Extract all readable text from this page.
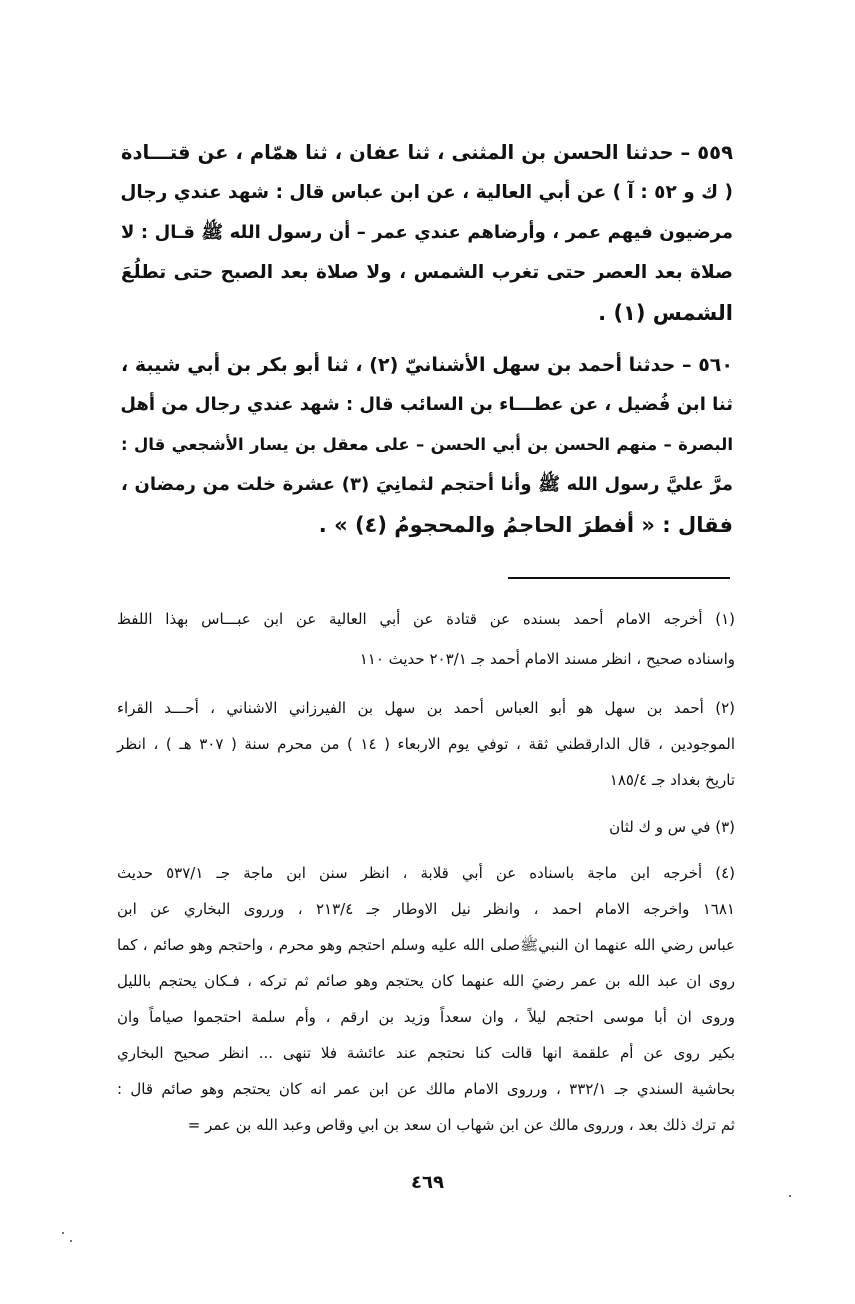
٥٥٩ – حدثنا الحسن بن المثنى ، ثنا عفان ، ثنا همّام ، عن قتـــادة
( ك و ٥٢ : آ ) عن أبي العالية ، عن ابن عباس قال : شهد عندي رجال
مرضيون فيهم عمر ، وأرضاهم عندي عمر – أن رسول الله ﷺ قـال : لا
صلاة بعد العصر حتى تغرب الشمس ، ولا صلاة بعد الصبح حتى تطلُعَ
الشمس (١) .
٥٦٠ – حدثنا أحمد بن سهل الأشنانيّ (٢) ، ثنا أبو بكر بن أبي شيبة ،
ثنا ابن فُضيل ، عن عطـــاء بن السائب قال : شهد عندي رجال من أهل
البصرة – منهم الحسن بن أبي الحسن – على معقل بن يسار الأشجعي قال :
مرَّ عليَّ رسول الله ﷺ وأنا أحتجم لثمانِيَ (٣) عشرة خلت من رمضان ،
فقال : « أفطرَ الحاجمُ والمحجومُ (٤) » .
(١) أخرجه الامام أحمد بسنده عن قتادة عن أبي العالية عن ابن عبـــاس بهذا اللفظ
واسناده صحيح ، انظر مسند الامام أحمد جـ ٢٠٣/١ حديث ١١٠
(٢) أحمد بن سهل هو أبو العباس أحمد بن سهل بن الفيرزاني الاشناني ، أحـــد القراء
الموجودين ، قال الدارقطني ثقة ، توفي يوم الاربعاء ( ١٤ ) من محرم سنة ( ٣٠٧ هـ ) ، انظر
تاريخ بغداد جـ ١٨٥/٤
(٣) في س و ك لثان
(٤) أخرجه ابن ماجة باسناده عن أبي قلابة ، انظر سنن ابن ماجة جـ ٥٣٧/١ حديث
١٦٨١ واخرجه الامام احمد ، وانظر نيل الاوطار جـ ٢١٣/٤ ، ورروى البخاري عن ابن
عباس رضي الله عنهما ان النبيﷺصلى الله عليه وسلم احتجم وهو محرم ، واحتجم وهو صائم ، كما
روى ان عبد الله بن عمر رضيَ الله عنهما كان يحتجم وهو صائم ثم تركه ، فـكان يحتجم بالليل
وروى ان أبا موسى احتجم ليلاً ، وان سعداً وزيد بن ارقم ، وأم سلمة احتجموا صياماً وان
بكير روى عن أم علقمة انها قالت كنا نحتجم عند عائشة فلا تنهى ... انظر صحيح البخاري
بحاشية السندي جـ ٣٣٢/١ ، ورروى الامام مالك عن ابن عمر انه كان يحتجم وهو صائم قال :
ثم ترك ذلك بعد ، ورروى مالك عن ابن شهاب ان سعد بن ابي وقاص وعبد الله بن عمر =
٤٦٩
